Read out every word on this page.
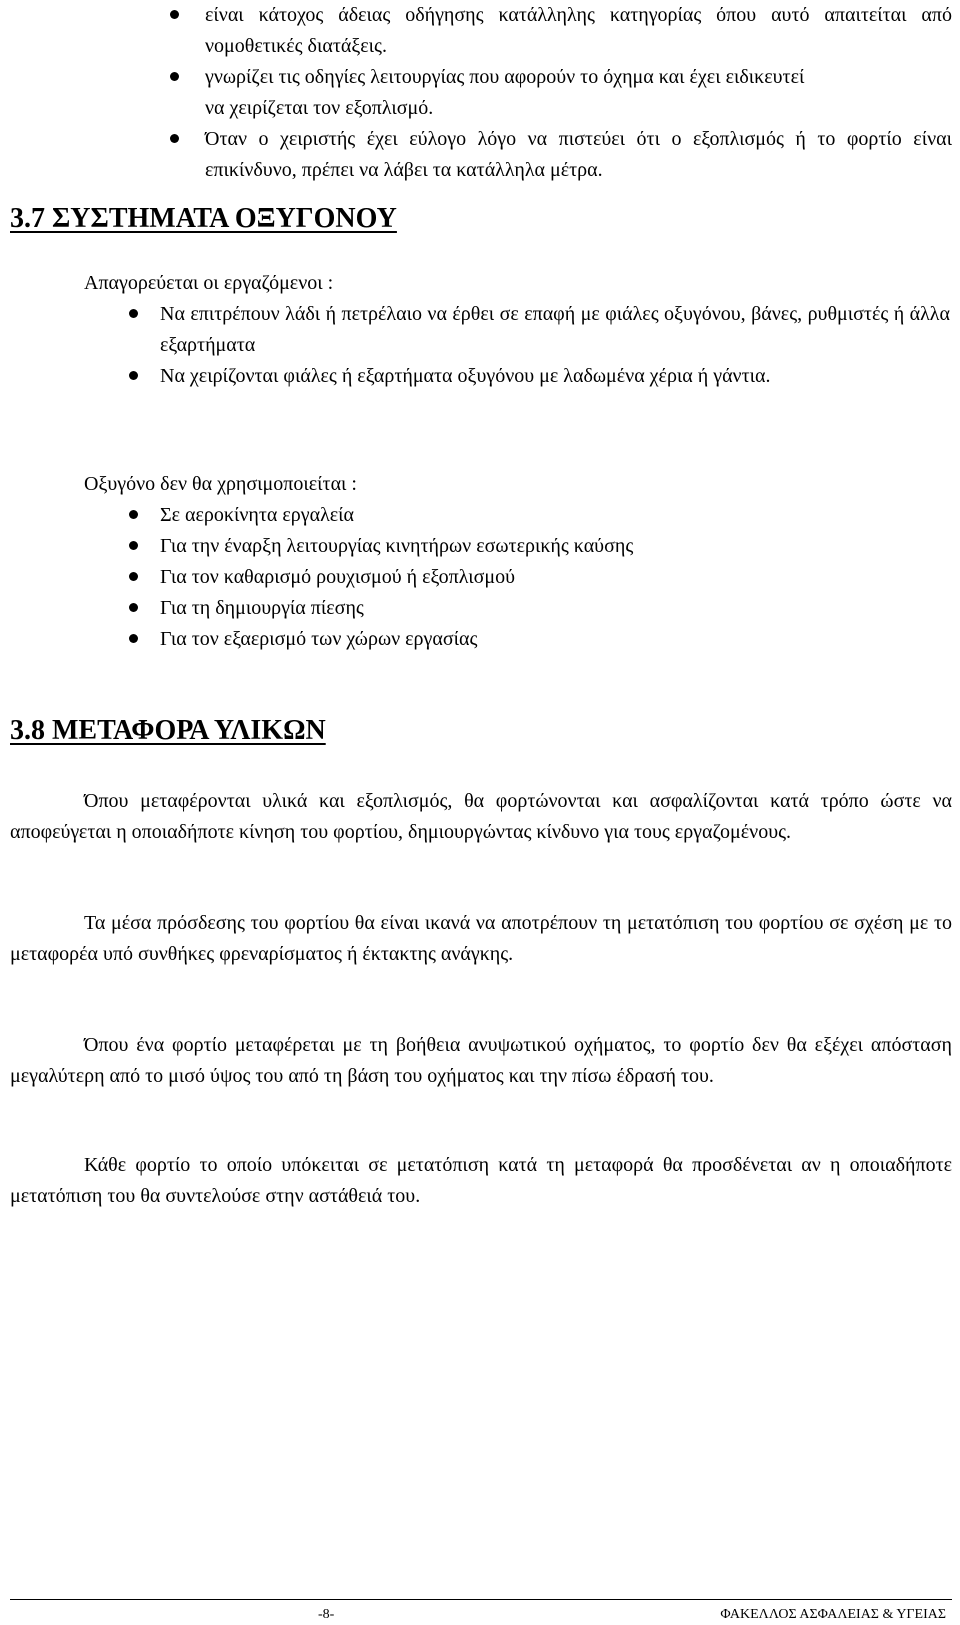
είναι κάτοχος άδειας οδήγησης κατάλληλης κατηγορίας όπου αυτό απαιτείται από νομοθετικές διατάξεις.
γνωρίζει τις οδηγίες λειτουργίας που αφορούν το όχημα και έχει ειδικευτεί να χειρίζεται τον εξοπλισμό.
Όταν ο χειριστής έχει εύλογο λόγο να πιστεύει ότι ο εξοπλισμός ή το φορτίο είναι επικίνδυνο, πρέπει να λάβει τα κατάλληλα μέτρα.
3.7 ΣΥΣΤΗΜΑΤΑ ΟΞΥΓΟΝΟΥ

Απαγορεύεται οι εργαζόμενοι :

Να επιτρέπουν λάδι ή πετρέλαιο να έρθει σε επαφή με φιάλες οξυγόνου, βάνες, ρυθμιστές ή άλλα εξαρτήματα
Να χειρίζονται φιάλες ή εξαρτήματα οξυγόνου με λαδωμένα χέρια ή γάντια.

Οξυγόνο δεν θα χρησιμοποιείται :

Σε αεροκίνητα εργαλεία
Για την έναρξη λειτουργίας κινητήρων εσωτερικής καύσης
Για τον καθαρισμό ρουχισμού ή εξοπλισμού
Για τη δημιουργία πίεσης
Για τον εξαερισμό των χώρων εργασίας
3.8 ΜΕΤΑΦΟΡΑ ΥΛΙΚΩΝ

Όπου μεταφέρονται υλικά και εξοπλισμός, θα φορτώνονται και ασφαλίζονται κατά τρόπο ώστε να αποφεύγεται η οποιαδήποτε κίνηση του φορτίου, δημιουργώντας κίνδυνο για τους εργαζομένους.

Τα μέσα πρόσδεσης του φορτίου θα είναι ικανά να αποτρέπουν τη μετατόπιση του φορτίου σε σχέση με το μεταφορέα υπό συνθήκες φρεναρίσματος ή έκτακτης ανάγκης.

Όπου ένα φορτίο μεταφέρεται με τη βοήθεια ανυψωτικού οχήματος, το φορτίο δεν θα εξέχει απόσταση μεγαλύτερη από το μισό ύψος του από τη βάση του οχήματος και την πίσω έδρασή του.

Κάθε φορτίο το οποίο υπόκειται σε μετατόπιση κατά τη μεταφορά θα προσδένεται αν η οποιαδήποτε μετατόπιση του θα συντελούσε στην αστάθειά του.

-8-	ΦΑΚΕΛΛΟΣ ΑΣΦΑΛΕΙΑΣ & ΥΓΕΙΑΣ
